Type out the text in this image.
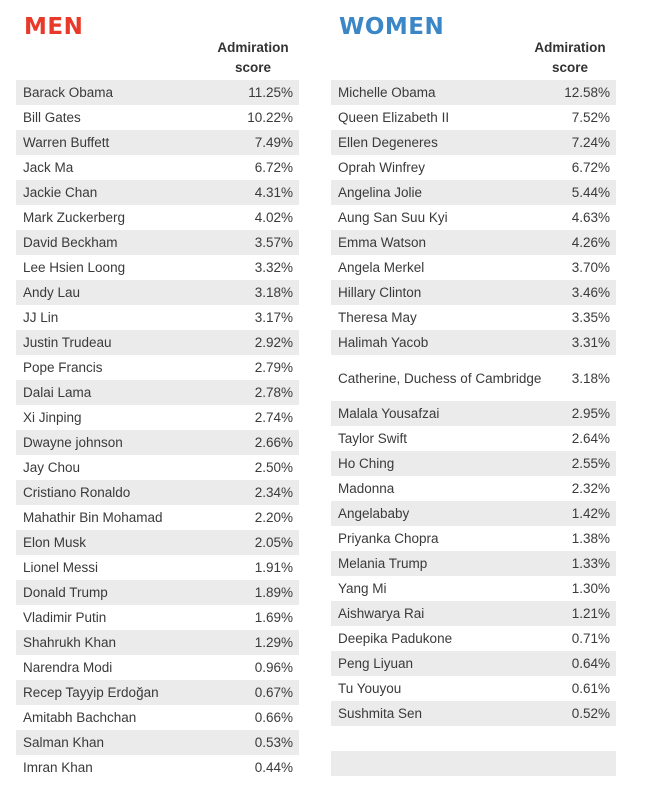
MEN
Admiration score
Barack Obama	11.25%
Bill Gates	10.22%
Warren Buffett	7.49%
Jack Ma	6.72%
Jackie Chan	4.31%
Mark Zuckerberg	4.02%
David Beckham	3.57%
Lee Hsien Loong	3.32%
Andy Lau	3.18%
JJ Lin	3.17%
Justin Trudeau	2.92%
Pope Francis	2.79%
Dalai Lama	2.78%
Xi Jinping	2.74%
Dwayne johnson	2.66%
Jay Chou	2.50%
Cristiano Ronaldo	2.34%
Mahathir Bin Mohamad	2.20%
Elon Musk	2.05%
Lionel Messi	1.91%
Donald Trump	1.89%
Vladimir Putin	1.69%
Shahrukh Khan	1.29%
Narendra Modi	0.96%
Recep Tayyip Erdoğan	0.67%
Amitabh Bachchan	0.66%
Salman Khan	0.53%
Imran Khan	0.44%
WOMEN
Admiration score
Michelle Obama	12.58%
Queen Elizabeth II	7.52%
Ellen Degeneres	7.24%
Oprah Winfrey	6.72%
Angelina Jolie	5.44%
Aung San Suu Kyi	4.63%
Emma Watson	4.26%
Angela Merkel	3.70%
Hillary Clinton	3.46%
Theresa May	3.35%
Halimah Yacob	3.31%
Catherine, Duchess of Cambridge 3.18%
Malala Yousafzai	2.95%
Taylor Swift	2.64%
Ho Ching	2.55%
Madonna	2.32%
Angelababy	1.42%
Priyanka Chopra	1.38%
Melania Trump	1.33%
Yang Mi	1.30%
Aishwarya Rai	1.21%
Deepika Padukone	0.71%
Peng Liyuan	0.64%
Tu Youyou	0.61%
Sushmita Sen	0.52%
